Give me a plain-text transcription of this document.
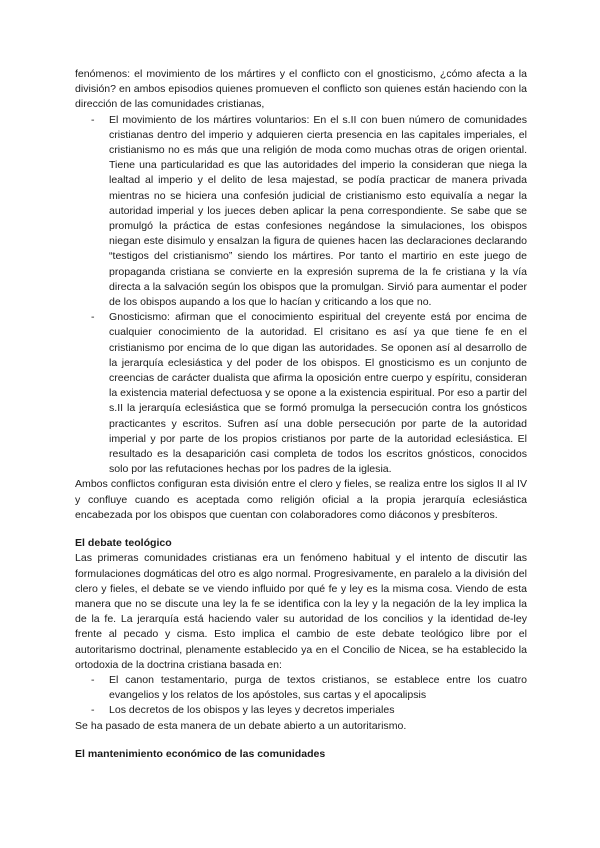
fenómenos: el movimiento de los mártires y el conflicto con el gnosticismo, ¿cómo afecta a la división? en ambos episodios quienes promueven el conflicto son quienes están haciendo con la dirección de las comunidades cristianas,

- El movimiento de los mártires voluntarios: En el s.II con buen número de comunidades cristianas dentro del imperio y adquieren cierta presencia en las capitales imperiales, el cristianismo no es más que una religión de moda como muchas otras de origen oriental. Tiene una particularidad es que las autoridades del imperio la consideran que niega la lealtad al imperio y el delito de lesa majestad, se podía practicar de manera privada mientras no se hiciera una confesión judicial de cristianismo esto equivalía a negar la autoridad imperial y los jueces deben aplicar la pena correspondiente. Se sabe que se promulgó la práctica de estas confesiones negándose la simulaciones, los obispos niegan este disimulo y ensalzan la figura de quienes hacen las declaraciones declarando “testigos del cristianismo” siendo los mártires. Por tanto el martirio en este juego de propaganda cristiana se convierte en la expresión suprema de la fe cristiana y la vía directa a la salvación según los obispos que la promulgan. Sirvió para aumentar el poder de los obispos aupando a los que lo hacían y criticando a los que no.
- Gnosticismo: afirman que el conocimiento espiritual del creyente está por encima de cualquier conocimiento de la autoridad. El crisitano es así ya que tiene fe en el cristianismo por encima de lo que digan las autoridades. Se oponen así al desarrollo de la jerarquía eclesiástica y del poder de los obispos. El gnosticismo es un conjunto de creencias de carácter dualista que afirma la oposición entre cuerpo y espíritu, consideran la existencia material defectuosa y se opone a la existencia espiritual. Por eso a partir del s.II la jerarquía eclesiástica que se formó promulga la persecución contra los gnósticos practicantes y escritos. Sufren así una doble persecución por parte de la autoridad imperial y por parte de los propios cristianos por parte de la autoridad eclesiástica. El resultado es la desaparición casi completa de todos los escritos gnósticos, conocidos solo por las refutaciones hechas por los padres de la iglesia.

Ambos conflictos configuran esta división entre el clero y fieles, se realiza entre los siglos II al IV y confluye cuando es aceptada como religión oficial a la propia jerarquía eclesiástica encabezada por los obispos que cuentan con colaboradores como diáconos y presbíteros.

El debate teológico

Las primeras comunidades cristianas era un fenómeno habitual y el intento de discutir las formulaciones dogmáticas del otro es algo normal. Progresivamente, en paralelo a la división del clero y fieles, el debate se ve viendo influido por qué fe y ley es la misma cosa. Viendo de esta manera que no se discute una ley la fe se identifica con la ley y la negación de la ley implica la de la fe. La jerarquía está haciendo valer su autoridad de los concilios y la identidad de-ley frente al pecado y cisma. Esto implica el cambio de este debate teológico libre por el autoritarismo doctrinal, plenamente establecido ya en el Concilio de Nicea, se ha establecido la ortodoxia de la doctrina cristiana basada en:

- El canon testamentario, purga de textos cristianos, se establece entre los cuatro evangelios y los relatos de los apóstoles, sus cartas y el apocalipsis
- Los decretos de los obispos y las leyes y decretos imperiales

Se ha pasado de esta manera de un debate abierto a un autoritarismo.

El mantenimiento económico de las comunidades
